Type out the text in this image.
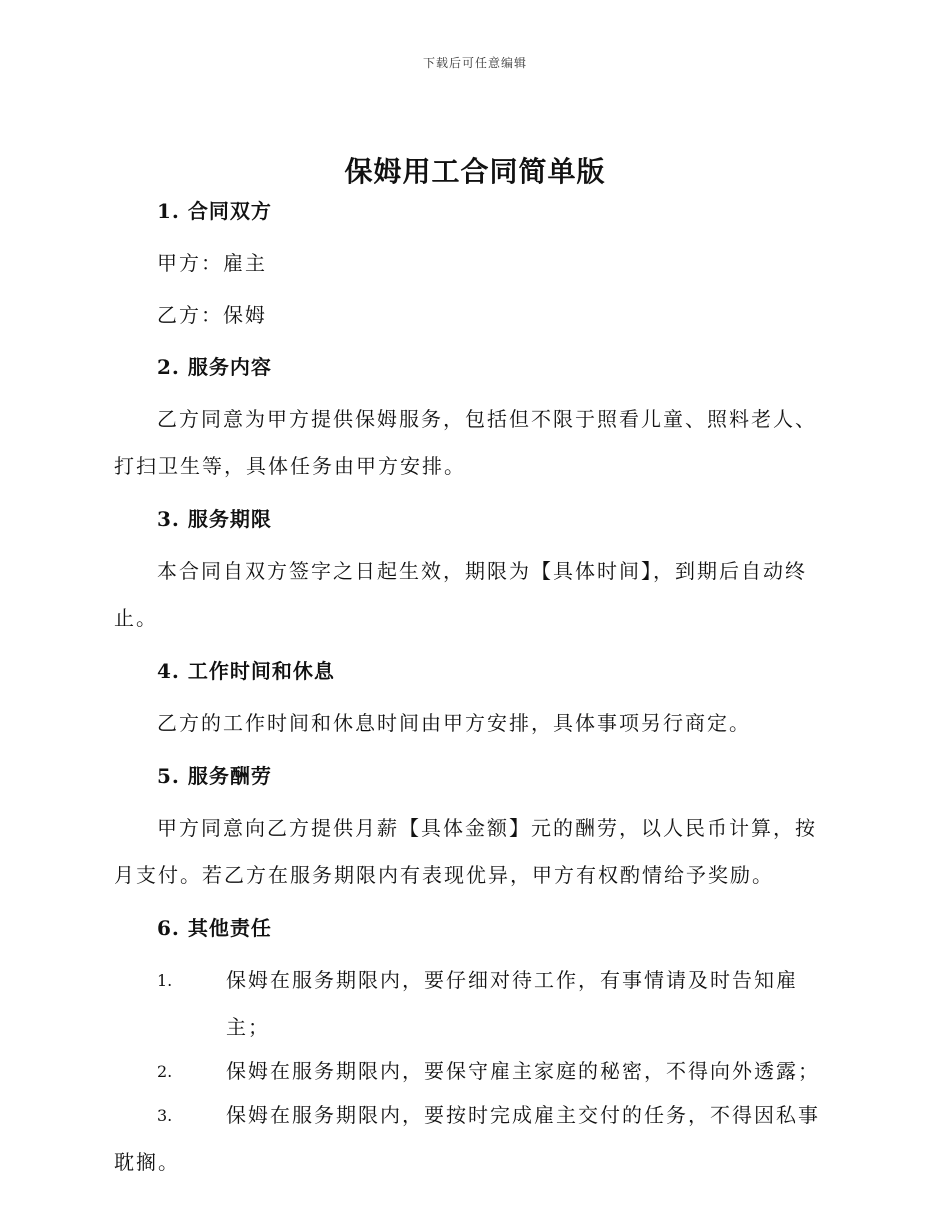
下载后可任意编辑
保姆用工合同简单版

1. 合同双方

甲方：雇主

乙方：保姆

2. 服务内容

乙方同意为甲方提供保姆服务，包括但不限于照看儿童、照料老人、打扫卫生等，具体任务由甲方安排。

3. 服务期限

本合同自双方签字之日起生效，期限为【具体时间】，到期后自动终止。

4. 工作时间和休息

乙方的工作时间和休息时间由甲方安排，具体事项另行商定。

5. 服务酬劳

甲方同意向乙方提供月薪【具体金额】元的酬劳，以人民币计算，按月支付。若乙方在服务期限内有表现优异，甲方有权酌情给予奖励。

6. 其他责任

1.	保姆在服务期限内，要仔细对待工作，有事情请及时告知雇主；

2.	保姆在服务期限内，要保守雇主家庭的秘密，不得向外透露；

3.	保姆在服务期限内，要按时完成雇主交付的任务，不得因私事耽搁。
